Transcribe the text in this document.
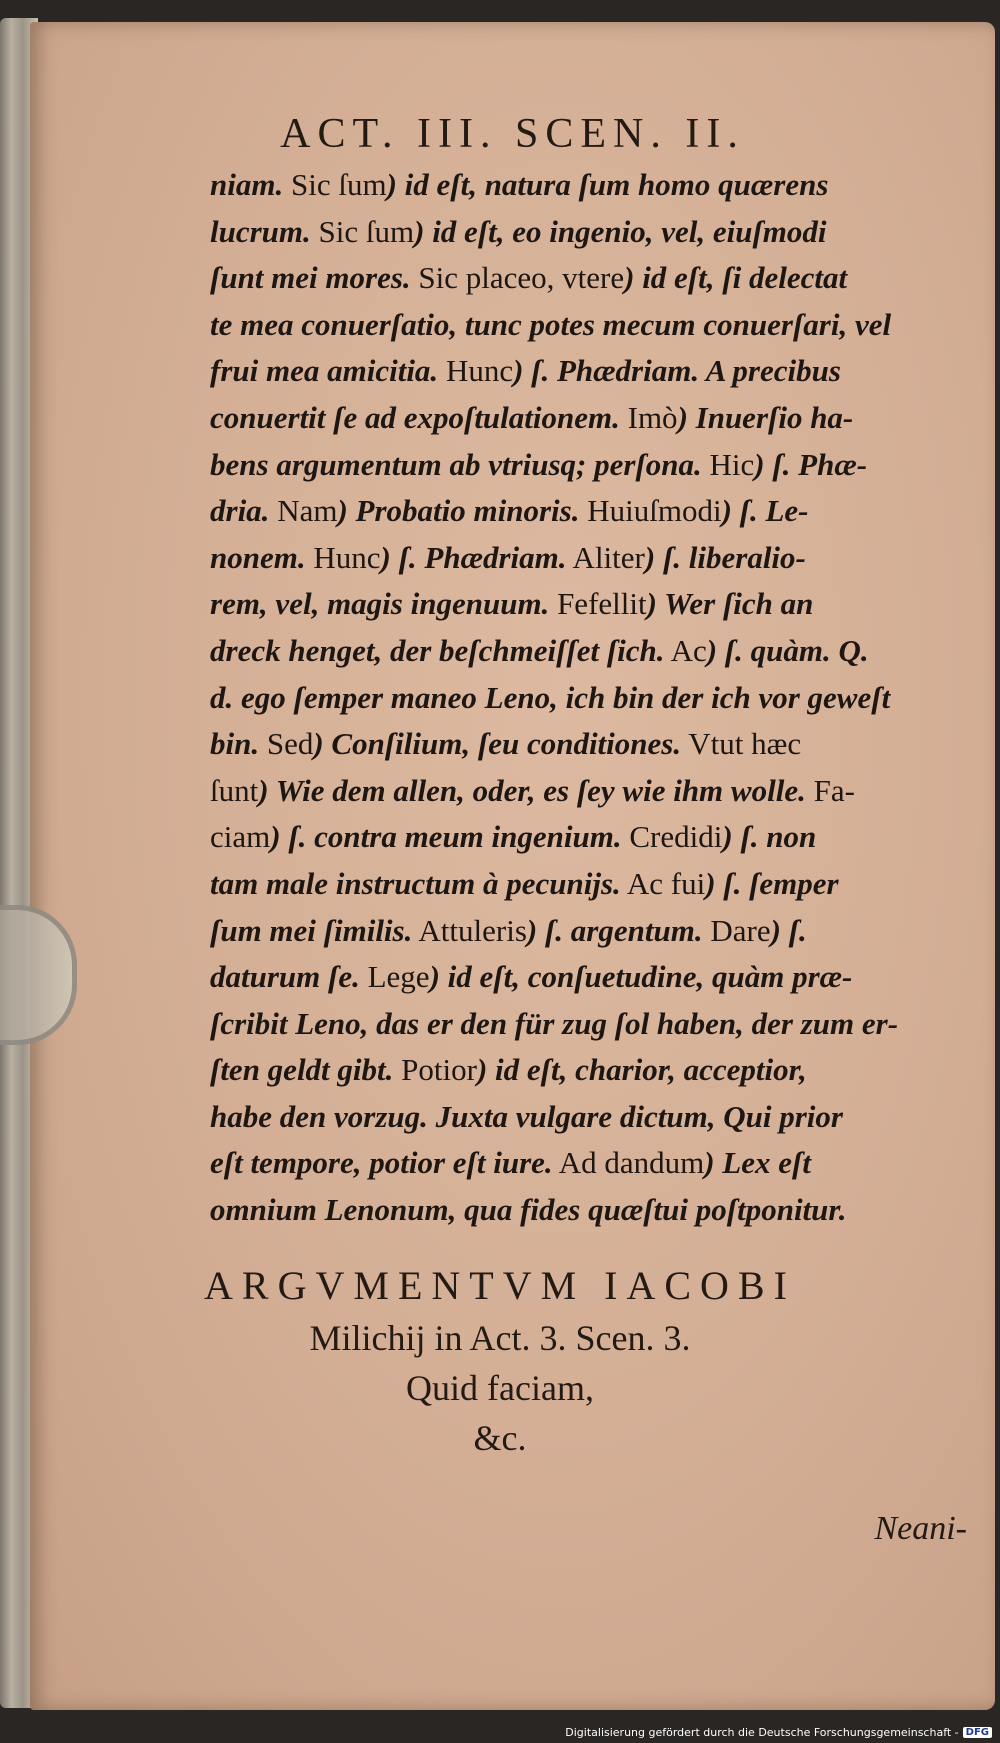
ACT. III. SCEN. II.
niam. Sic ſum) id eſt, natura ſum homo quærens
lucrum. Sic ſum) id eſt, eo ingenio, vel, eiuſmodi
ſunt mei mores. Sic placeo, vtere) id eſt, ſi delectat
te mea conuerſatio, tunc potes mecum conuerſari, vel
frui mea amicitia. Hunc) ſ. Phædriam. A precibus
conuertit ſe ad expoſtulationem. Imò) Inuerſio ha-
bens argumentum ab vtriusq; perſona. Hic) ſ. Phæ-
dria. Nam) Probatio minoris. Huiuſmodi) ſ. Le-
nonem. Hunc) ſ. Phædriam. Aliter) ſ. liberalio-
rem, vel, magis ingenuum. Fefellit) Wer ſich an
dreck henget, der beſchmeiſſet ſich. Ac) ſ. quàm. Q.
d. ego ſemper maneo Leno, ich bin der ich vor geweſt
bin. Sed) Conſilium, ſeu conditiones. Vtut hæc
ſunt) Wie dem allen, oder, es ſey wie ihm wolle. Fa-
ciam) ſ. contra meum ingenium. Credidi) ſ. non
tam male instructum à pecunijs. Ac fui) ſ. ſemper
ſum mei ſimilis. Attuleris) ſ. argentum. Dare) ſ.
daturum ſe. Lege) id eſt, conſuetudine, quàm præ-
ſcribit Leno, das er den für zug ſol haben, der zum er-
ſten geldt gibt. Potior) id eſt, charior, acceptior,
habe den vorzug. Juxta vulgare dictum, Qui prior
eſt tempore, potior eſt iure. Ad dandum) Lex eſt
omnium Lenonum, qua fides quæſtui poſtponitur.
ARGVMENTVM IACOBI
Milichij in Act. 3. Scen. 3.
Quid faciam,
&c.
Neani-
Digitalisierung gefördert durch die Deutsche Forschungsgemeinschaft - DFG
